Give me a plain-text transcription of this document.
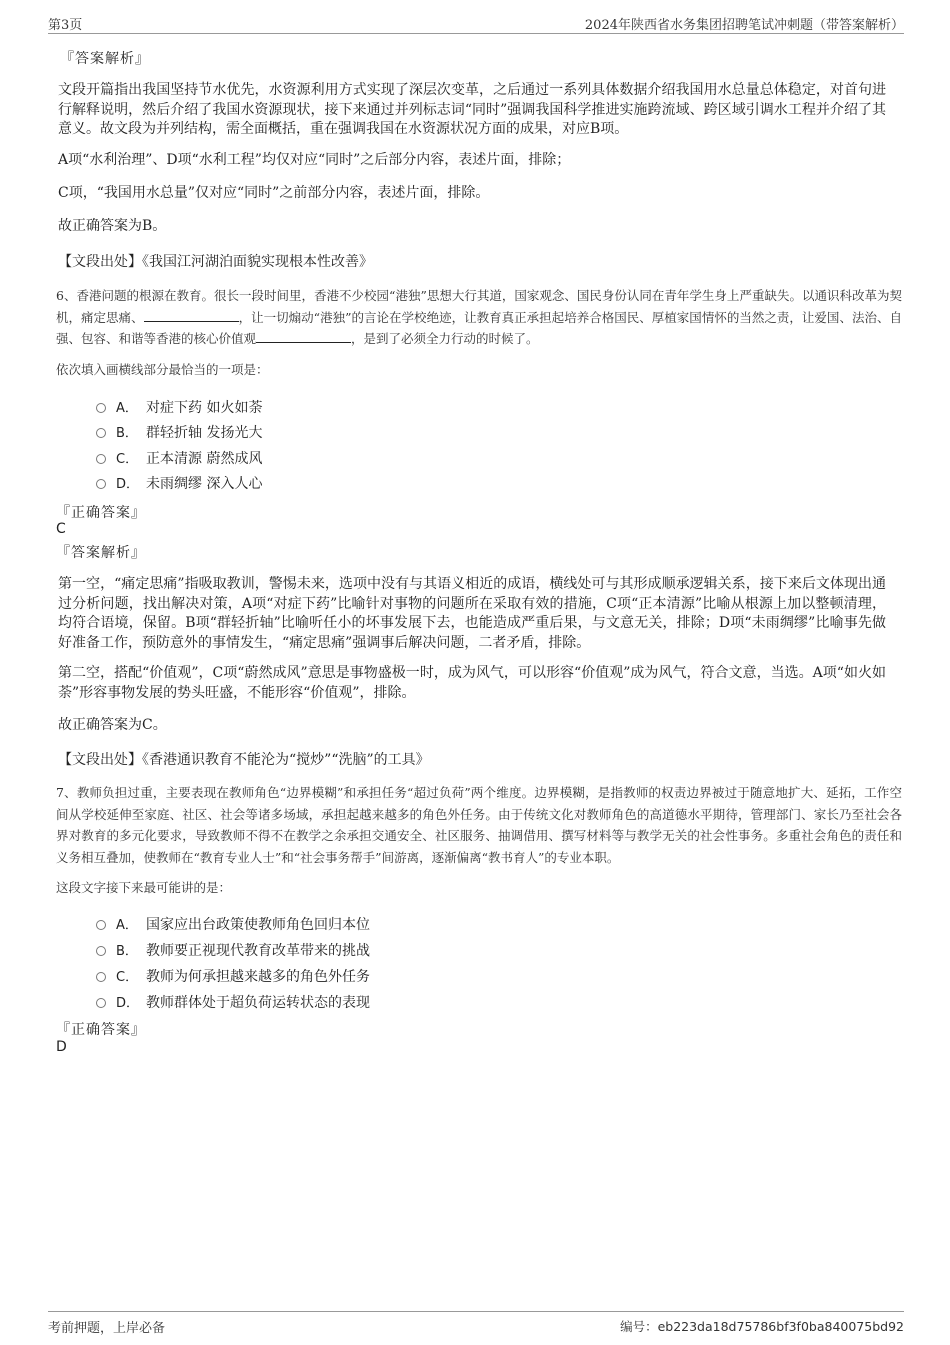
第3页	2024年陕西省水务集团招聘笔试冲刺题（带答案解析）
『答案解析』
文段开篇指出我国坚持节水优先，水资源利用方式实现了深层次变革，之后通过一系列具体数据介绍我国用水总量总体稳定，对首句进行解释说明，然后介绍了我国水资源现状，接下来通过并列标志词“同时”强调我国科学推进实施跨流域、跨区域引调水工程并介绍了其意义。故文段为并列结构，需全面概括，重在强调我国在水资源状况方面的成果，对应B项。
A项“水利治理”、D项“水利工程”均仅对应“同时”之后部分内容，表述片面，排除；
C项，“我国用水总量”仅对应“同时”之前部分内容，表述片面，排除。
故正确答案为B。
【文段出处】《我国江河湖泊面貌实现根本性改善》
6、香港问题的根源在教育。很长一段时间里，香港不少校园“港独”思想大行其道，国家观念、国民身份认同在青年学生身上严重缺失。以通识科改革为契机，痛定思痛、	，让一切煽动“港独”的言论在学校绝迹，让教育真正承担起培养合格国民、厚植家国情怀的当然之责，让爱国、法治、自强、包容、和谐等香港的核心价值观	，是到了必须全力行动的时候了。
依次填入画横线部分最恰当的一项是：
A． 对症下药 如火如荼
B． 群轻折轴 发扬光大
C． 正本清源 蔚然成风
D． 未雨绸缪 深入人心
『正确答案』
C
『答案解析』
第一空，“痛定思痛”指吸取教训，警惕未来，选项中没有与其语义相近的成语，横线处可与其形成顺承逻辑关系，接下来后文体现出通过分析问题，找出解决对策，A项“对症下药”比喻针对事物的问题所在采取有效的措施，C项“正本清源”比喻从根源上加以整顿清理，均符合语境，保留。B项“群轻折轴”比喻听任小的坏事发展下去，也能造成严重后果，与文意无关，排除；D项“未雨绸缪”比喻事先做好准备工作，预防意外的事情发生，“痛定思痛”强调事后解决问题，二者矛盾，排除。
第二空，搭配“价值观”，C项“蔚然成风”意思是事物盛极一时，成为风气，可以形容“价值观”成为风气，符合文意，当选。A项“如火如荼”形容事物发展的势头旺盛，不能形容“价值观”，排除。
故正确答案为C。
【文段出处】《香港通识教育不能沦为“搅炒”“洗脑”的工具》
7、教师负担过重，主要表现在教师角色“边界模糊”和承担任务“超过负荷”两个维度。边界模糊，是指教师的权责边界被过于随意地扩大、延拓，工作空间从学校延伸至家庭、社区、社会等诸多场域，承担起越来越多的角色外任务。由于传统文化对教师角色的高道德水平期待，管理部门、家长乃至社会各界对教育的多元化要求，导致教师不得不在教学之余承担交通安全、社区服务、抽调借用、撰写材料等与教学无关的社会性事务。多重社会角色的责任和义务相互叠加，使教师在“教育专业人士”和“社会事务帮手”间游离，逐渐偏离“教书育人”的专业本职。
这段文字接下来最可能讲的是：
A． 国家应出台政策使教师角色回归本位
B． 教师要正视现代教育改革带来的挑战
C． 教师为何承担越来越多的角色外任务
D． 教师群体处于超负荷运转状态的表现
『正确答案』
D
考前押题，上岸必备	编号：eb223da18d75786bf3f0ba840075bd92
